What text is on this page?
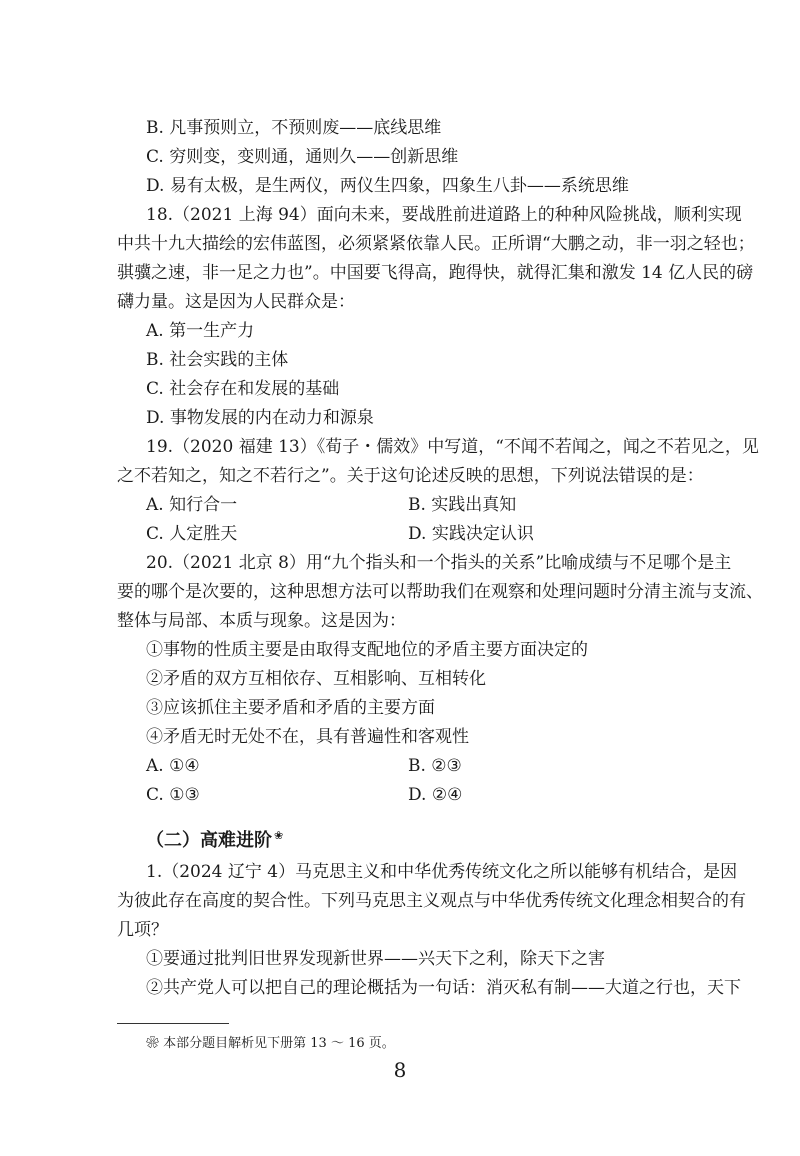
B. 凡事预则立，不预则废——底线思维
C. 穷则变，变则通，通则久——创新思维
D. 易有太极，是生两仪，两仪生四象，四象生八卦——系统思维
18.（2021 上海 94）面向未来，要战胜前进道路上的种种风险挑战，顺利实现
中共十九大描绘的宏伟蓝图，必须紧紧依靠人民。正所谓“大鹏之动，非一羽之轻也；
骐骥之速，非一足之力也”。中国要飞得高，跑得快，就得汇集和激发 14 亿人民的磅
礴力量。这是因为人民群众是：
A. 第一生产力
B. 社会实践的主体
C. 社会存在和发展的基础
D. 事物发展的内在动力和源泉
19.（2020 福建 13）《荀子・儒效》中写道，“不闻不若闻之，闻之不若见之，见
之不若知之，知之不若行之”。关于这句论述反映的思想，下列说法错误的是：
A. 知行合一	B. 实践出真知
C. 人定胜天	D. 实践决定认识
20.（2021 北京 8）用“九个指头和一个指头的关系”比喻成绩与不足哪个是主
要的哪个是次要的，这种思想方法可以帮助我们在观察和处理问题时分清主流与支流、
整体与局部、本质与现象。这是因为：
①事物的性质主要是由取得支配地位的矛盾主要方面决定的
②矛盾的双方互相依存、互相影响、互相转化
③应该抓住主要矛盾和矛盾的主要方面
④矛盾无时无处不在，具有普遍性和客观性
A. ①④	B. ②③
C. ①③	D. ②④
（二）高难进阶 ❀
1.（2024 辽宁 4）马克思主义和中华优秀传统文化之所以能够有机结合，是因
为彼此存在高度的契合性。下列马克思主义观点与中华优秀传统文化理念相契合的有
几项？
①要通过批判旧世界发现新世界——兴天下之利，除天下之害
②共产党人可以把自己的理论概括为一句话：消灭私有制——大道之行也，天下
❀ 本部分题目解析见下册第 13 ～ 16 页。
8
